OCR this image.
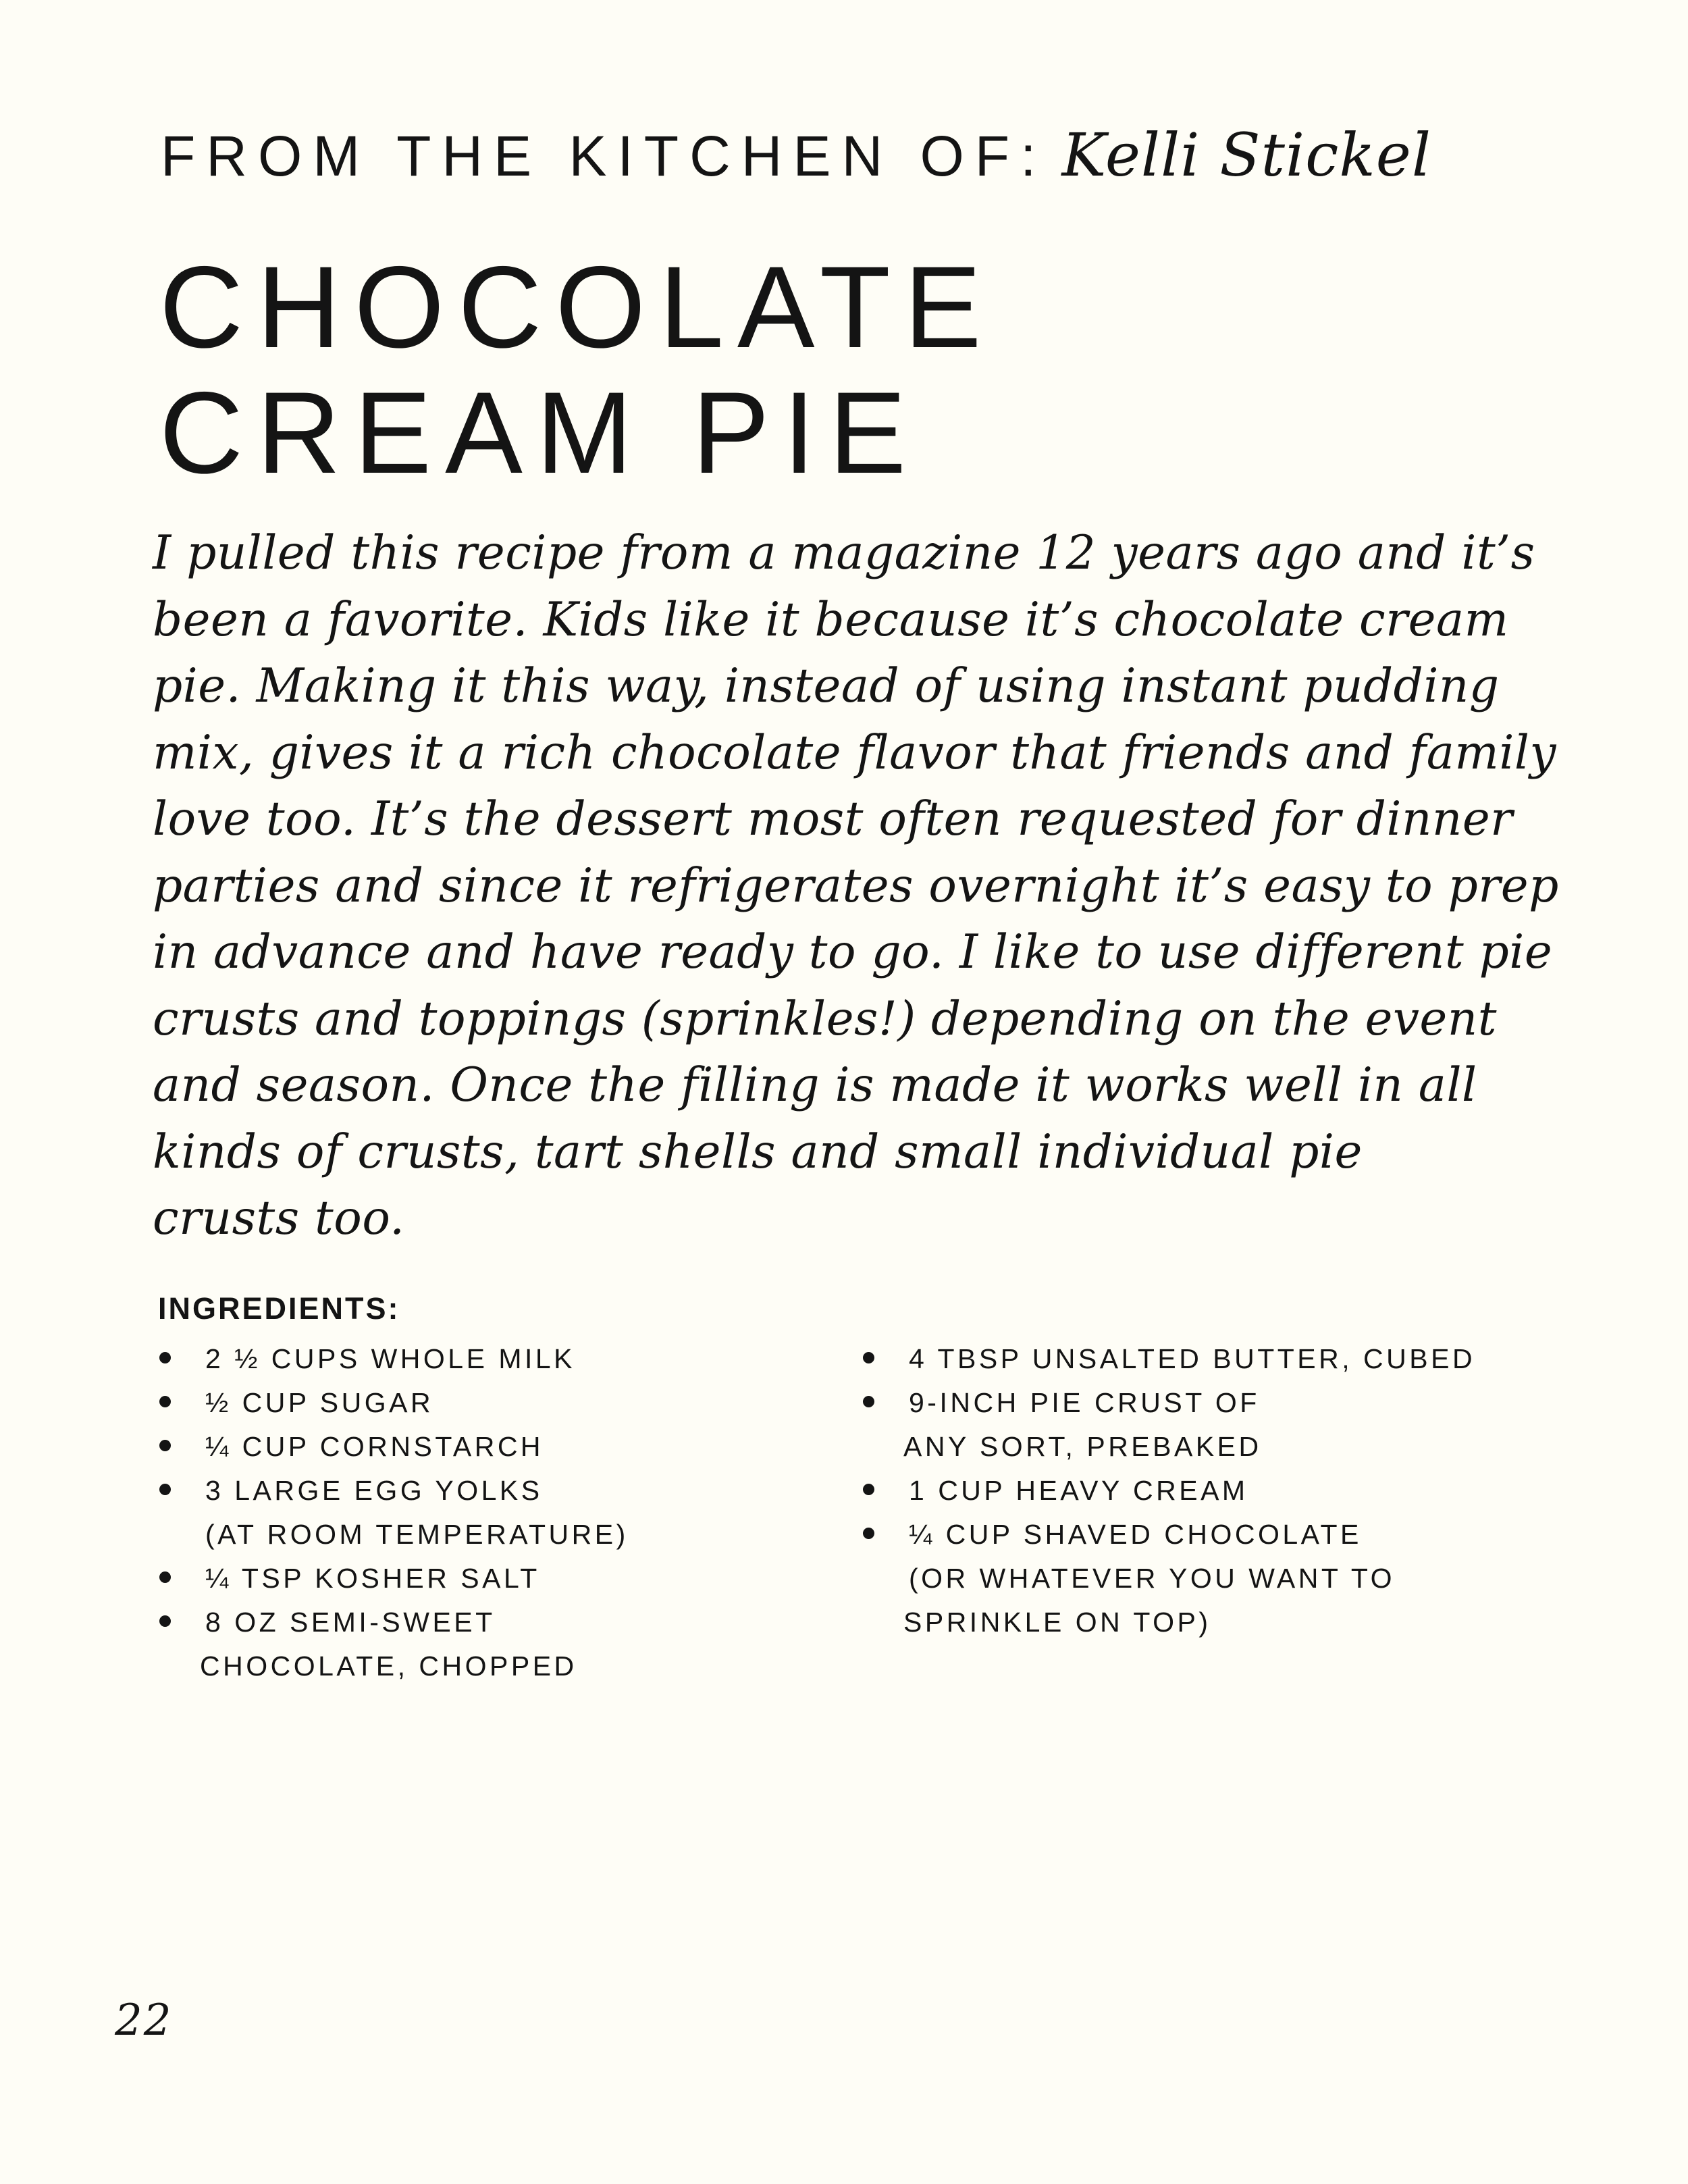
FROM THE KITCHEN OF: Kelli Stickel
CHOCOLATE
CREAM PIE

I pulled this recipe from a magazine 12 years ago and it’s
been a favorite. Kids like it because it’s chocolate cream
pie. Making it this way, instead of using instant pudding
mix, gives it a rich chocolate flavor that friends and family
love too. It’s the dessert most often requested for dinner
parties and since it refrigerates overnight it’s easy to prep
in advance and have ready to go. I like to use different pie
crusts and toppings (sprinkles!) depending on the event
and season. Once the filling is made it works well in all
kinds of crusts, tart shells and small individual pie
crusts too.

INGREDIENTS:
2 ½ CUPS WHOLE MILK
½ CUP SUGAR
¼ CUP CORNSTARCH
3 LARGE EGG YOLKS
(AT ROOM TEMPERATURE)
¼ TSP KOSHER SALT
8 OZ SEMI-SWEET
CHOCOLATE, CHOPPED
4 TBSP UNSALTED BUTTER, CUBED
9-INCH PIE CRUST OF
ANY SORT, PREBAKED
1 CUP HEAVY CREAM
¼ CUP SHAVED CHOCOLATE
(OR WHATEVER YOU WANT TO
SPRINKLE ON TOP)
22
